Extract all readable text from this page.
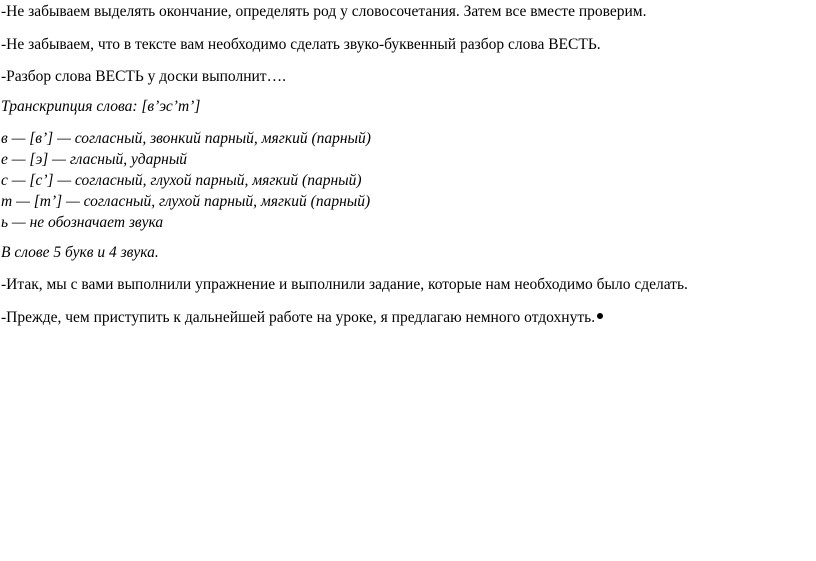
-Не забываем выделять окончание, определять род у словосочетания. Затем все вместе проверим.

-Не забываем, что в тексте вам необходимо сделать звуко-буквенный разбор слова ВЕСТЬ.

-Разбор слова ВЕСТЬ у доски выполнит….

Транскрипция слова: [в’эс’т’]

в — [в’] — согласный, звонкий парный, мягкий (парный)

е — [э] — гласный, ударный

с — [с’] — согласный, глухой парный, мягкий (парный)

т — [т’] — согласный, глухой парный, мягкий (парный)

ь — не обозначает звука

В слове 5 букв и 4 звука.

-Итак, мы с вами выполнили упражнение и выполнили задание, которые нам необходимо было сделать.

-Прежде, чем приступить к дальнейшей работе на уроке, я предлагаю немного отдохнуть.
